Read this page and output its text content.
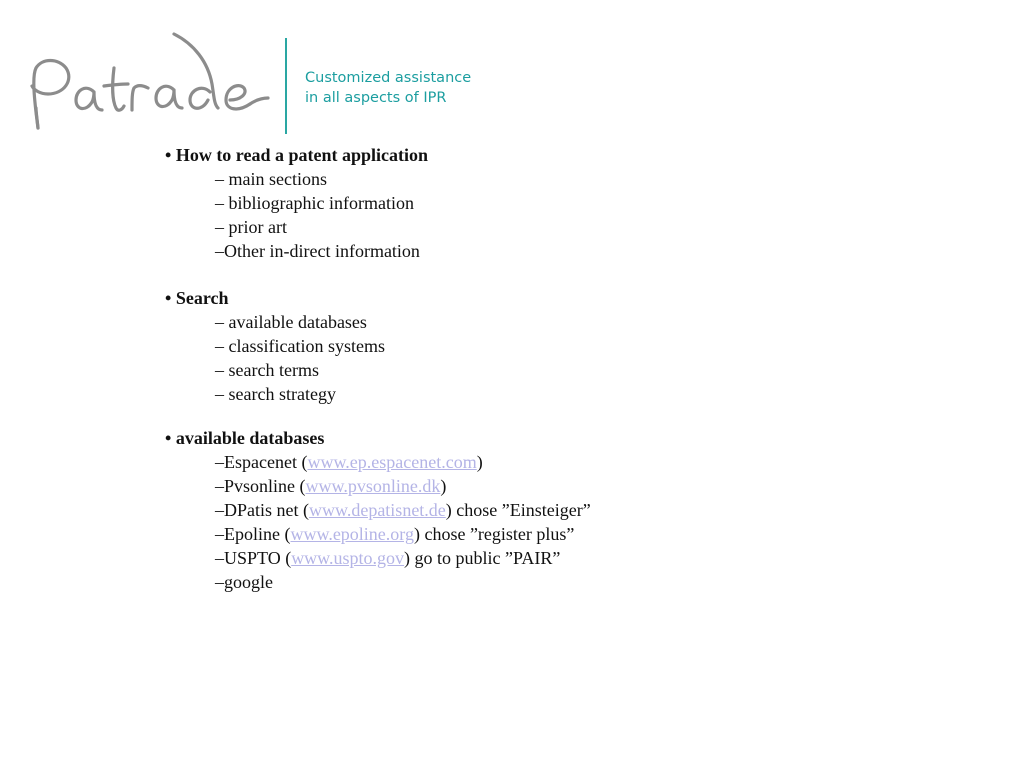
Customized assistance
in all aspects of IPR
• How to read a patent application
– main sections
– bibliographic information
– prior art
–Other in-direct information
• Search
– available databases
– classification systems
– search terms
– search strategy
• available databases
–Espacenet (www.ep.espacenet.com)
–Pvsonline (www.pvsonline.dk)
–DPatis net (www.depatisnet.de) chose ”Einsteiger”
–Epoline (www.epoline.org) chose ”register plus”
–USPTO (www.uspto.gov) go to public ”PAIR”
–google
